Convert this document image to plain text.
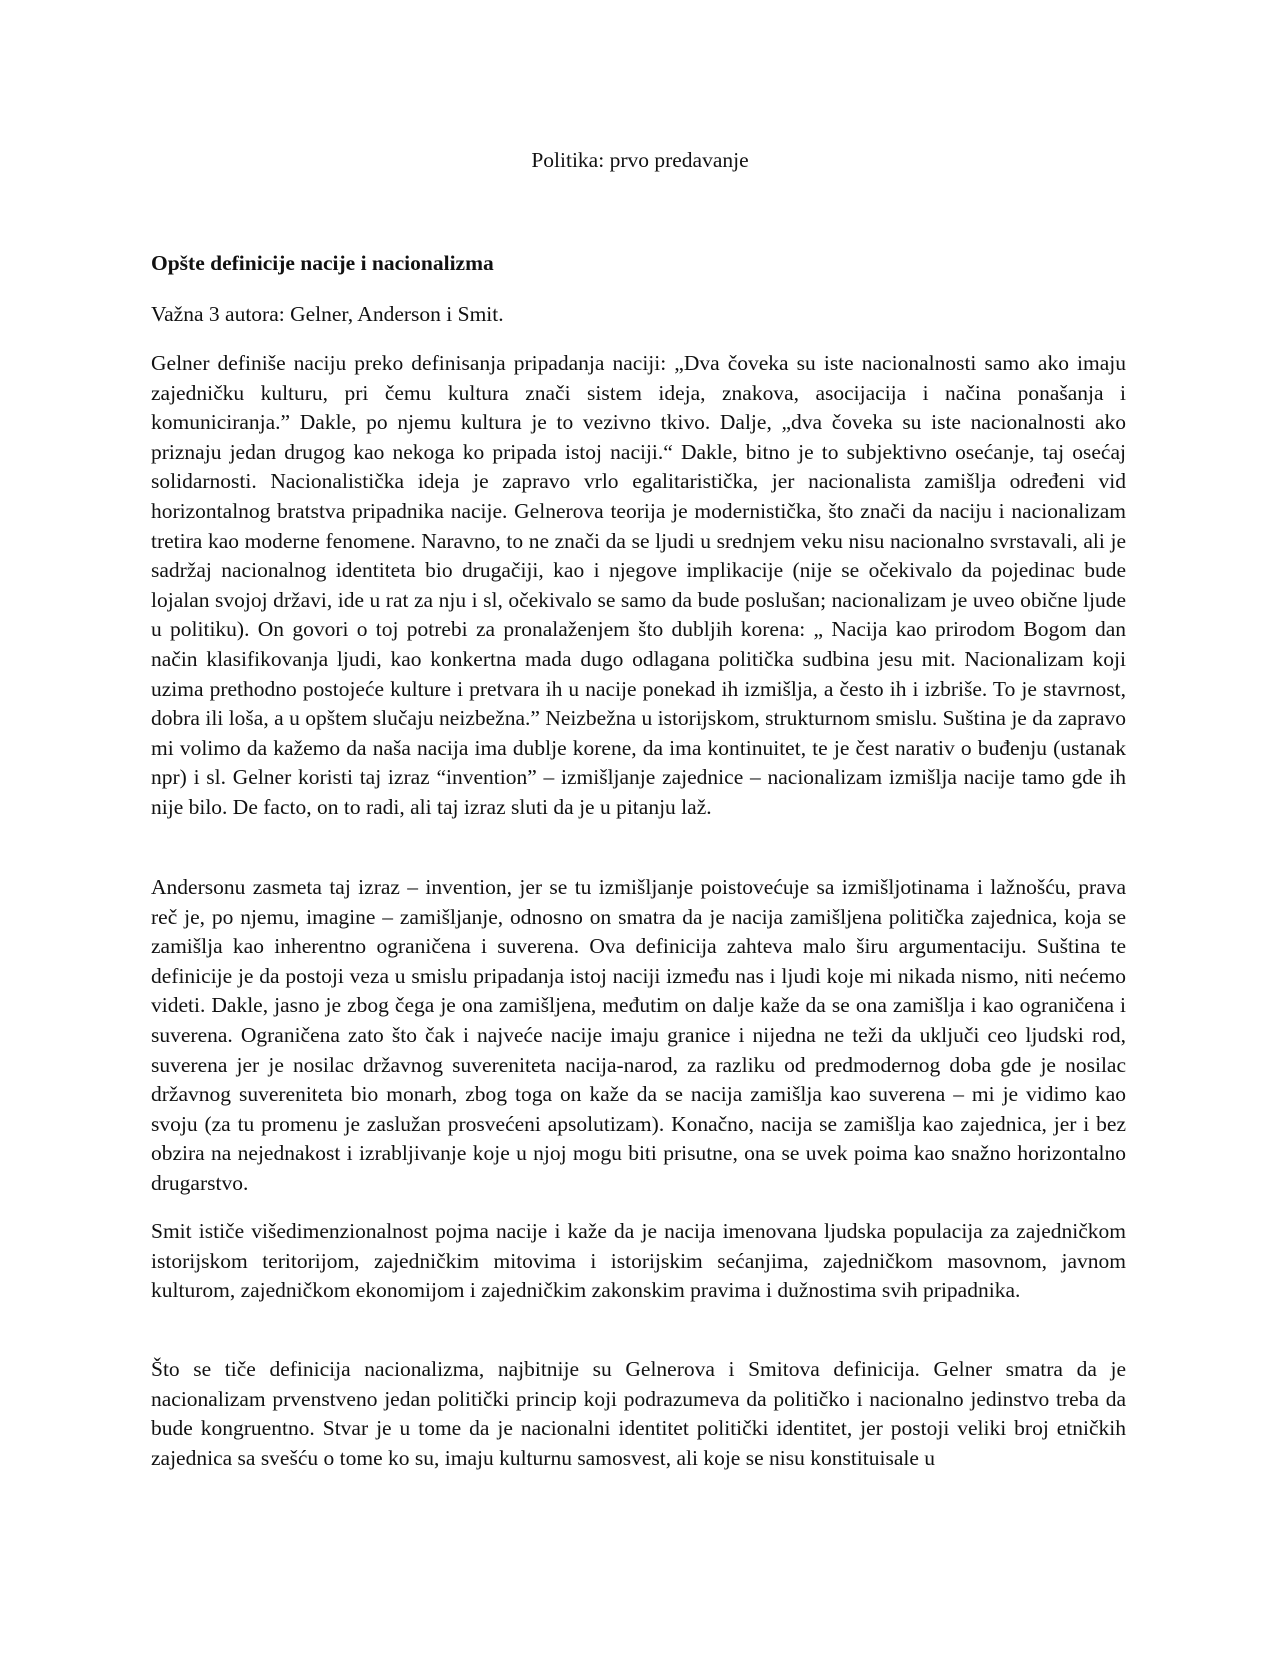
Politika: prvo predavanje
Opšte definicije nacije i nacionalizma

Važna 3 autora: Gelner, Anderson i Smit.

Gelner definiše naciju preko definisanja pripadanja naciji: „Dva čoveka su iste nacionalnosti samo ako imaju zajedničku kulturu, pri čemu kultura znači sistem ideja, znakova, asocijacija i načina ponašanja i komuniciranja.” Dakle, po njemu kultura je to vezivno tkivo. Dalje, „dva čoveka su iste nacionalnosti ako priznaju jedan drugog kao nekoga ko pripada istoj naciji.“ Dakle, bitno je to subjektivno osećanje, taj osećaj solidarnosti. Nacionalistička ideja je zapravo vrlo egalitaristička, jer nacionalista zamišlja određeni vid horizontalnog bratstva pripadnika nacije. Gelnerova teorija je modernistička, što znači da naciju i nacionalizam tretira kao moderne fenomene. Naravno, to ne znači da se ljudi u srednjem veku nisu nacionalno svrstavali, ali je sadržaj nacionalnog identiteta bio drugačiji, kao i njegove implikacije (nije se očekivalo da pojedinac bude lojalan svojoj državi, ide u rat za nju i sl, očekivalo se samo da bude poslušan; nacionalizam je uveo obične ljude u politiku). On govori o toj potrebi za pronalaženjem što dubljih korena: „ Nacija kao prirodom Bogom dan način klasifikovanja ljudi, kao konkertna mada dugo odlagana politička sudbina jesu mit. Nacionalizam koji uzima prethodno postojeće kulture i pretvara ih u nacije ponekad ih izmišlja, a često ih i izbriše. To je stavrnost, dobra ili loša, a u opštem slučaju neizbežna.” Neizbežna u istorijskom, strukturnom smislu. Suština je da zapravo mi volimo da kažemo da naša nacija ima dublje korene, da ima kontinuitet, te je čest narativ o buđenju (ustanak npr) i sl. Gelner koristi taj izraz “invention” – izmišljanje zajednice – nacionalizam izmišlja nacije tamo gde ih nije bilo. De facto, on to radi, ali taj izraz sluti da je u pitanju laž.

Andersonu zasmeta taj izraz – invention, jer se tu izmišljanje poistovećuje sa izmišljotinama i lažnošću, prava reč je, po njemu, imagine – zamišljanje, odnosno on smatra da je nacija zamišljena politička zajednica, koja se zamišlja kao inherentno ograničena i suverena. Ova definicija zahteva malo širu argumentaciju. Suština te definicije je da postoji veza u smislu pripadanja istoj naciji između nas i ljudi koje mi nikada nismo, niti nećemo videti. Dakle, jasno je zbog čega je ona zamišljena, međutim on dalje kaže da se ona zamišlja i kao ograničena i suverena. Ograničena zato što čak i najveće nacije imaju granice i nijedna ne teži da uključi ceo ljudski rod, suverena jer je nosilac državnog suvereniteta nacija-narod, za razliku od predmodernog doba gde je nosilac državnog suvereniteta bio monarh, zbog toga on kaže da se nacija zamišlja kao suverena – mi je vidimo kao svoju (za tu promenu je zaslužan prosvećeni apsolutizam). Konačno, nacija se zamišlja kao zajednica, jer i bez obzira na nejednakost i izrabljivanje koje u njoj mogu biti prisutne, ona se uvek poima kao snažno horizontalno drugarstvo.

Smit ističe višedimenzionalnost pojma nacije i kaže da je nacija imenovana ljudska populacija za zajedničkom istorijskom teritorijom, zajedničkim mitovima i istorijskim sećanjima, zajedničkom masovnom, javnom kulturom, zajedničkom ekonomijom i zajedničkim zakonskim pravima i dužnostima svih pripadnika.

Što se tiče definicija nacionalizma, najbitnije su Gelnerova i Smitova definicija. Gelner smatra da je nacionalizam prvenstveno jedan politički princip koji podrazumeva da političko i nacionalno jedinstvo treba da bude kongruentno. Stvar je u tome da je nacionalni identitet politički identitet, jer postoji veliki broj etničkih zajednica sa svešću o tome ko su, imaju kulturnu samosvest, ali koje se nisu konstituisale u
